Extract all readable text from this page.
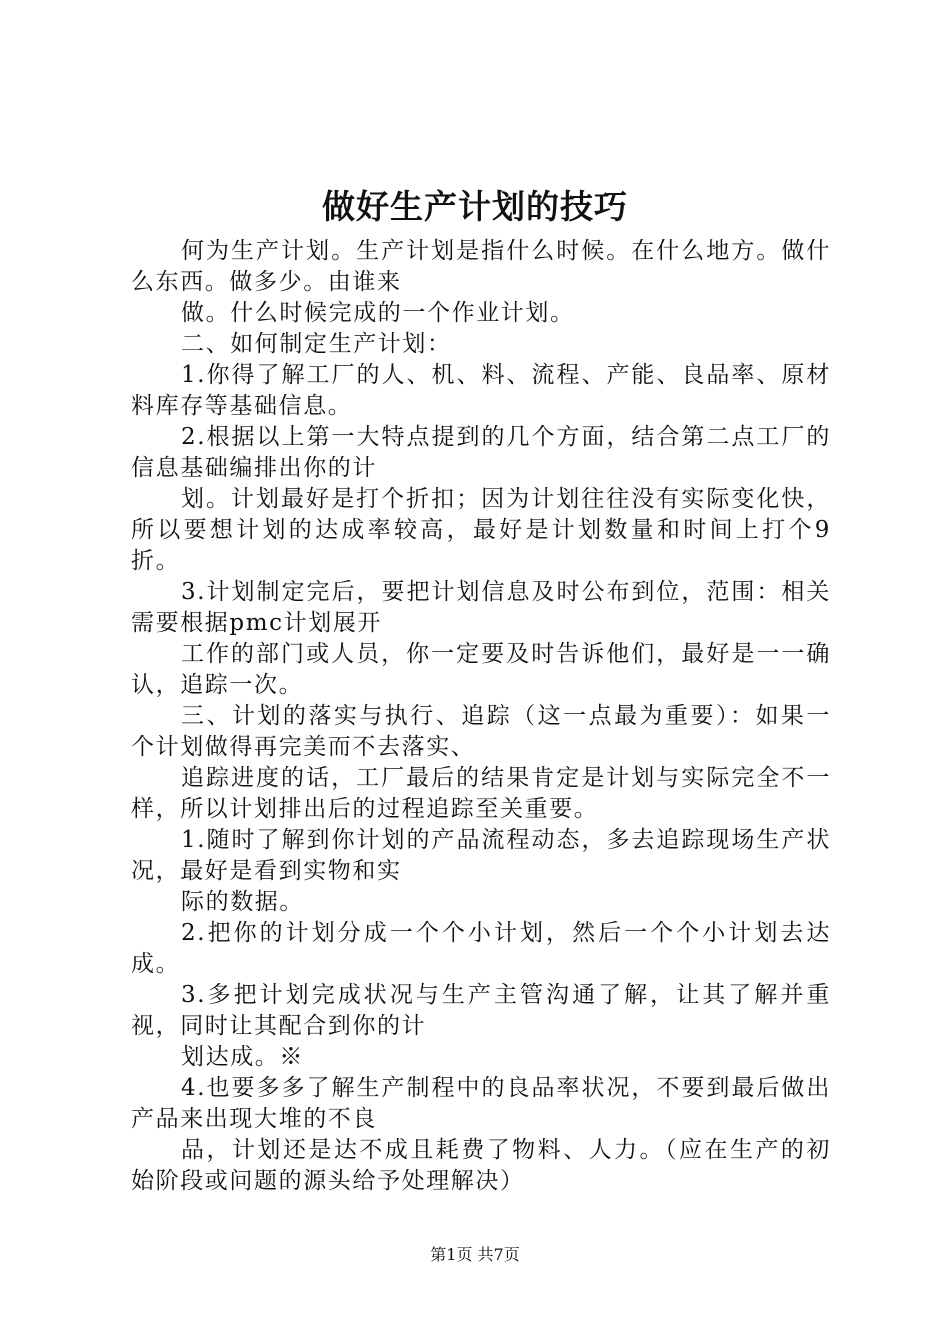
做好生产计划的技巧

何为生产计划。生产计划是指什么时候。在什么地方。做什么东西。做多少。由谁来

做。什么时候完成的一个作业计划。

二、如何制定生产计划：

1.你得了解工厂的人、机、料、流程、产能、良品率、原材料库存等基础信息。

2.根据以上第一大特点提到的几个方面，结合第二点工厂的信息基础编排出你的计

划。计划最好是打个折扣；因为计划往往没有实际变化快，所以要想计划的达成率较高，最好是计划数量和时间上打个9折。

3.计划制定完后，要把计划信息及时公布到位，范围：相关需要根据pmc计划展开

工作的部门或人员，你一定要及时告诉他们，最好是一一确认，追踪一次。

三、计划的落实与执行、追踪（这一点最为重要）：如果一个计划做得再完美而不去落实、

追踪进度的话，工厂最后的结果肯定是计划与实际完全不一样，所以计划排出后的过程追踪至关重要。

1.随时了解到你计划的产品流程动态，多去追踪现场生产状况，最好是看到实物和实

际的数据。

2.把你的计划分成一个个小计划，然后一个个小计划去达成。

3.多把计划完成状况与生产主管沟通了解，让其了解并重视，同时让其配合到你的计

划达成。※

4.也要多多了解生产制程中的良品率状况，不要到最后做出产品来出现大堆的不良

品，计划还是达不成且耗费了物料、人力。（应在生产的初始阶段或问题的源头给予处理解决）

第1页 共7页
